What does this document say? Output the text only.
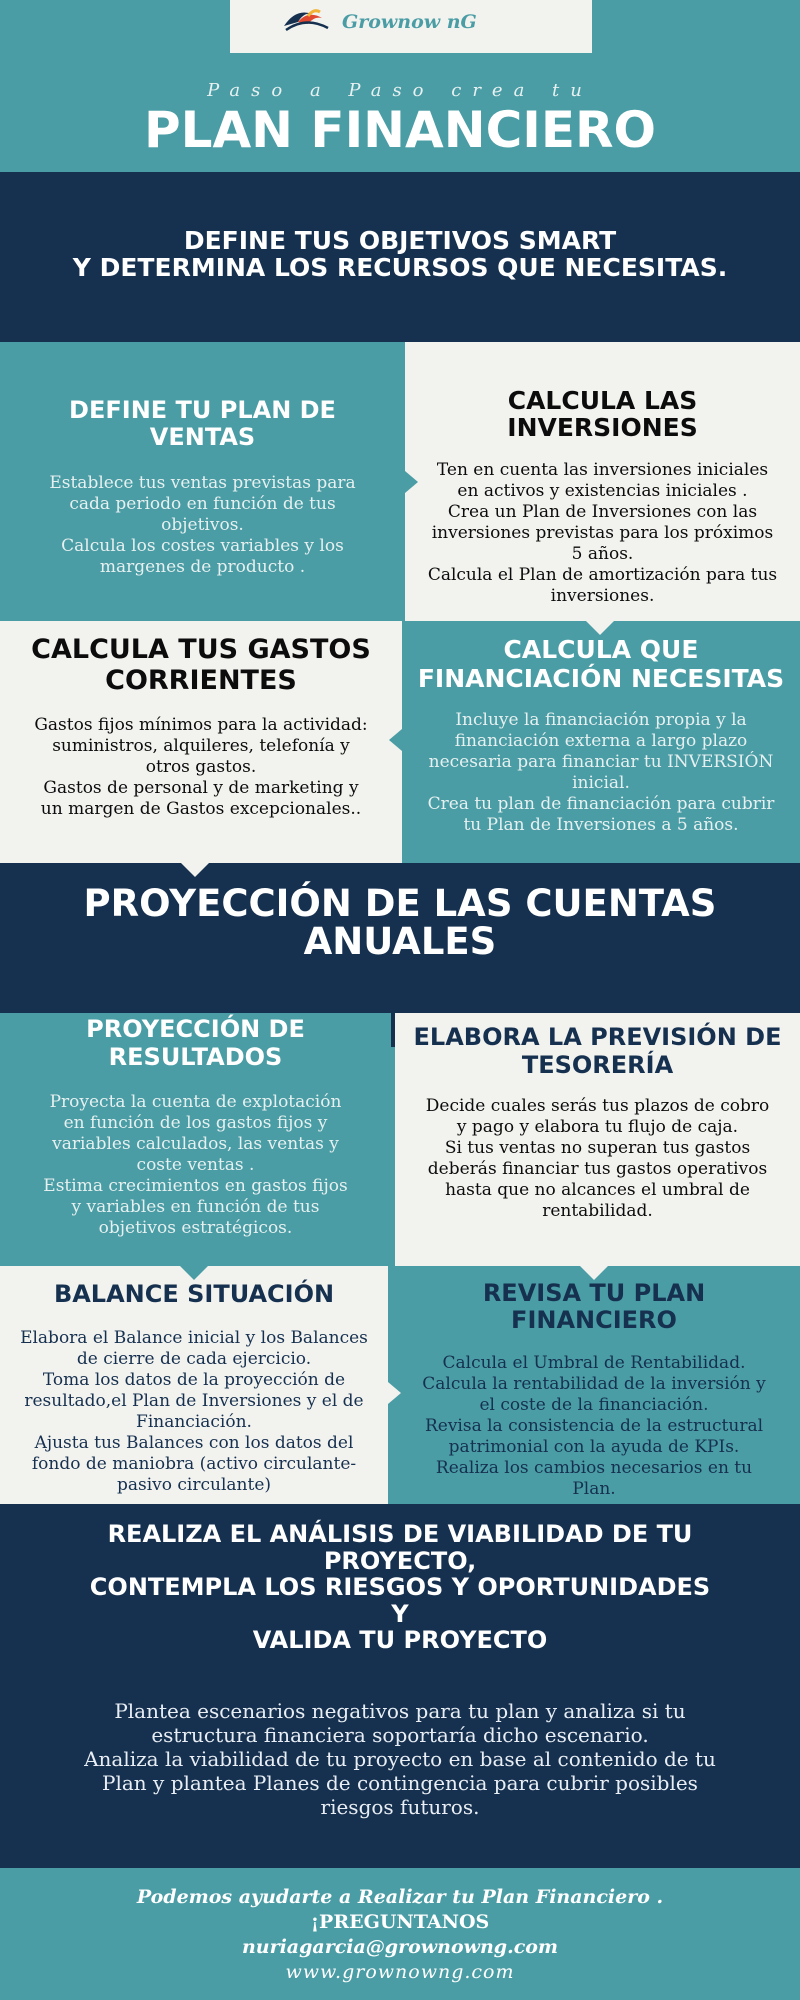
Grownow nG
Paso a Paso crea tu
PLAN FINANCIERO
DEFINE TUS OBJETIVOS SMART
Y DETERMINA LOS RECURSOS QUE NECESITAS.
DEFINE TU PLAN DE
VENTAS
Establece tus ventas previstas para
cada periodo en función de tus
objetivos.
Calcula los costes variables y los
margenes de producto .
CALCULA LAS
INVERSIONES
Ten en cuenta las inversiones iniciales
en activos y existencias iniciales .
Crea un Plan de Inversiones con las
inversiones previstas para los próximos
5 años.
Calcula el Plan de amortización para tus
inversiones.
CALCULA TUS GASTOS
CORRIENTES
Gastos fijos mínimos para la actividad:
suministros, alquileres, telefonía y
otros gastos.
Gastos de personal y de marketing y
un margen de Gastos excepcionales..
CALCULA QUE
FINANCIACIÓN NECESITAS
Incluye la financiación propia y la
financiación externa a largo plazo
necesaria para financiar tu INVERSIÓN
inicial.
Crea tu plan de financiación para cubrir
tu Plan de Inversiones a 5 años.
PROYECCIÓN DE LAS CUENTAS
ANUALES
PROYECCIÓN DE
RESULTADOS
Proyecta la cuenta de explotación
en función de los gastos fijos y
variables calculados, las ventas y
coste ventas .
Estima crecimientos en gastos fijos
y variables en función de tus
objetivos estratégicos.
ELABORA LA PREVISIÓN DE
TESORERÍA
Decide cuales serás tus plazos de cobro
y pago y elabora tu flujo de caja.
Si tus ventas no superan tus gastos
deberás financiar tus gastos operativos
hasta que no alcances el umbral de
rentabilidad.
BALANCE SITUACIÓN
Elabora el Balance inicial y los Balances
de cierre de cada ejercicio.
Toma los datos de la proyección de
resultado,el Plan de Inversiones y el de
Financiación.
Ajusta tus Balances con los datos del
fondo de maniobra (activo circulante-
pasivo circulante)
REVISA TU PLAN
FINANCIERO
Calcula el Umbral de Rentabilidad.
Calcula la rentabilidad de la inversión y
el coste de la financiación.
Revisa la consistencia de la estructural
patrimonial con la ayuda de KPIs.
Realiza los cambios necesarios en tu
Plan.
REALIZA EL ANÁLISIS DE VIABILIDAD DE TU
PROYECTO,
CONTEMPLA LOS RIESGOS Y OPORTUNIDADES
Y
VALIDA TU PROYECTO
Plantea escenarios negativos para tu plan y analiza si tu
estructura financiera soportaría dicho escenario.
Analiza la viabilidad de tu proyecto en base al contenido de tu
Plan y plantea Planes de contingencia para cubrir posibles
riesgos futuros.
Podemos ayudarte a Realizar tu Plan Financiero .
¡PREGUNTANOS
nuriagarcia@grownowng.com
www.grownowng.com
